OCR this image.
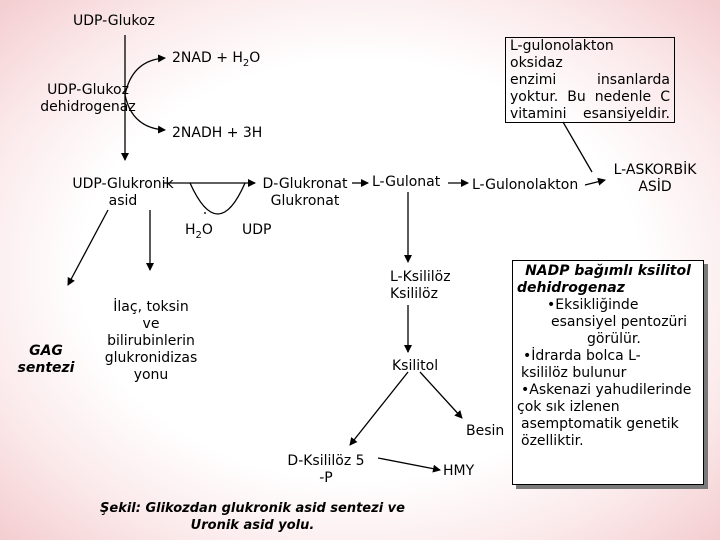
UDP-Glukoz
$2NAD + H_2O$
UDP-Glukoz
dehidrogenaz
2NADH + 3H
UDP-Glukronik
asid
$H_2O$ UDP
D-Glukronat
Glukronat
L-Gulonat L-Gulonolakton
L-ASKORBİK
ASİD
L-gulonolakton oksidaz
enzimi insanlarda
yoktur. Bu nedenle C
vitamini esansiyeldir.
GAG
sentezi
İlaç, toksin
ve
bilirubinlerin
glukronidizas
yonu
L-Ksililöz
Ksililöz
Ksilitol
D-Ksililöz 5
-P
Besin
HMY
NADP bağımlı ksilitol
dehidrogenaz
•Eksikliğinde
esansiyel pentozüri
görülür.
•İdrarda bolca L-
ksililöz bulunur
•Askenazi yahudilerinde
çok sık izlenen
asemptomatik genetik
özelliktir.
Şekil: Glikozdan glukronik asid sentezi ve
Uronik asid yolu.
